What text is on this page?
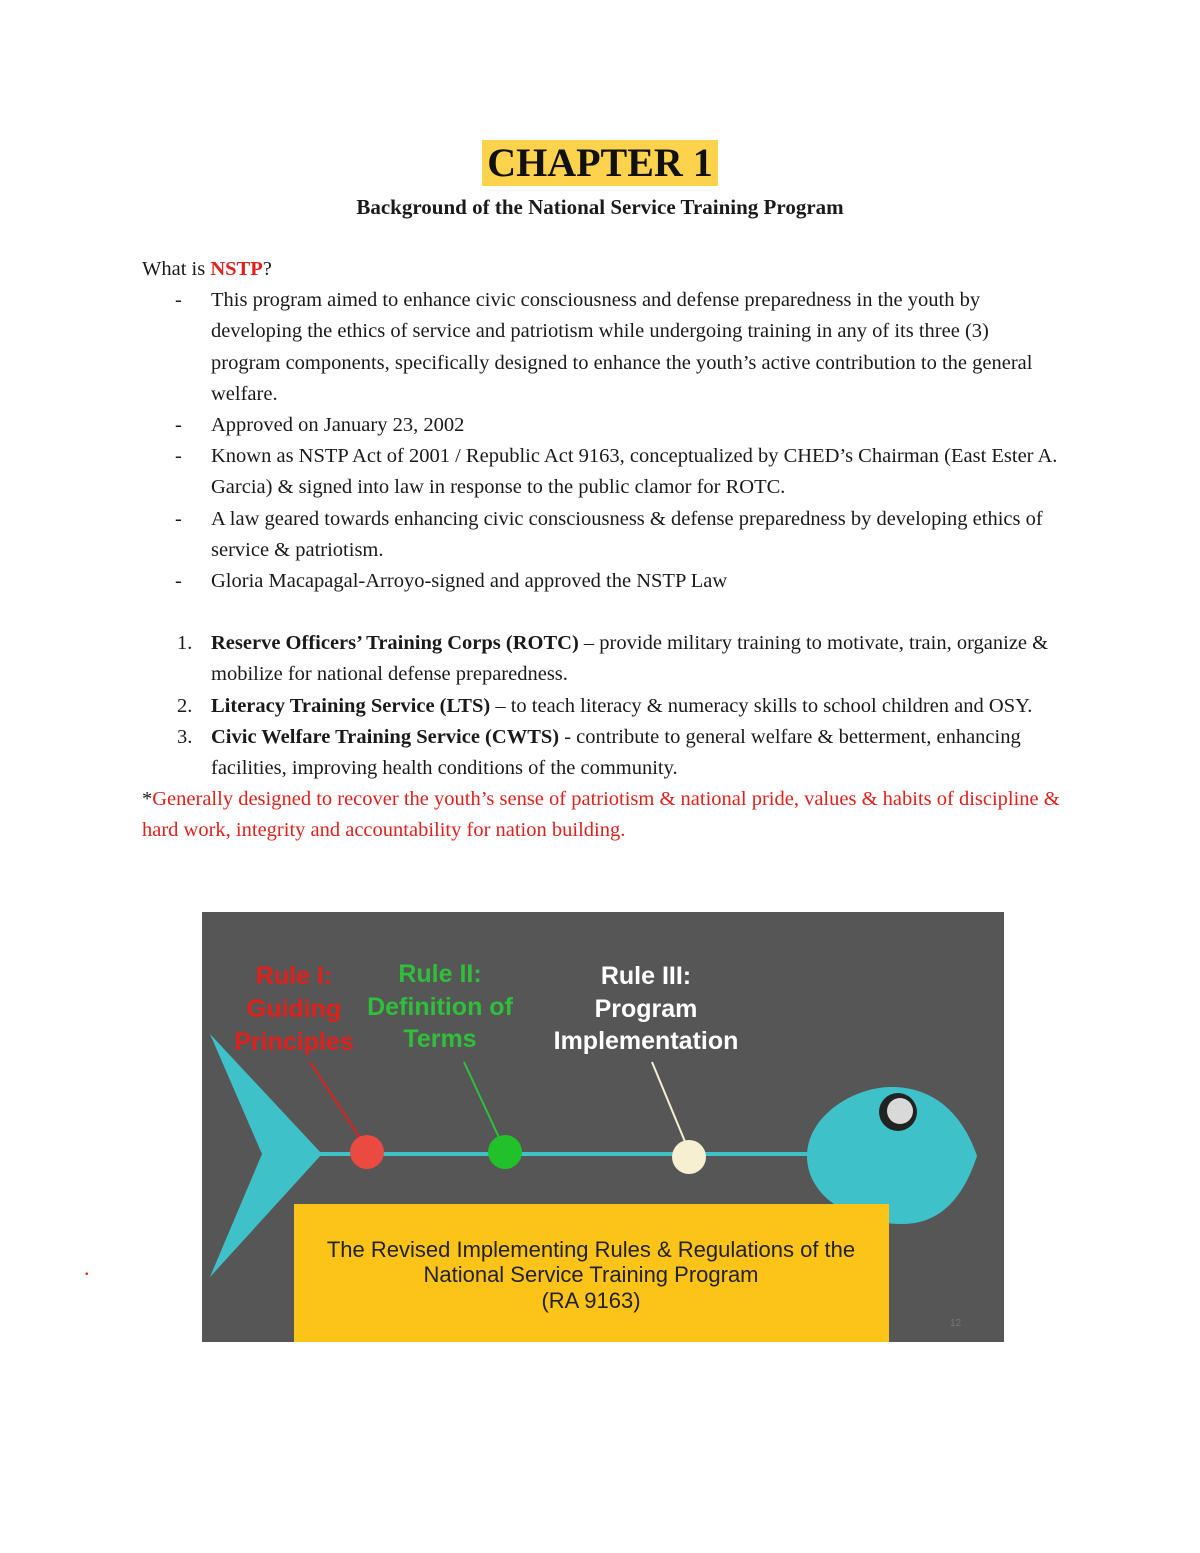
CHAPTER 1
Background of the National Service Training Program
What is NSTP?
- This program aimed to enhance civic consciousness and defense preparedness in the youth by developing the ethics of service and patriotism while undergoing training in any of its three (3) program components, specifically designed to enhance the youth’s active contribution to the general welfare.
- Approved on January 23, 2002
- Known as NSTP Act of 2001 / Republic Act 9163, conceptualized by CHED’s Chairman (East Ester A. Garcia) & signed into law in response to the public clamor for ROTC.
- A law geared towards enhancing civic consciousness & defense preparedness by developing ethics of service & patriotism.
- Gloria Macapagal-Arroyo-signed and approved the NSTP Law
1. Reserve Officers’ Training Corps (ROTC) – provide military training to motivate, train, organize & mobilize for national defense preparedness.
2. Literacy Training Service (LTS) – to teach literacy & numeracy skills to school children and OSY.
3. Civic Welfare Training Service (CWTS) - contribute to general welfare & betterment, enhancing facilities, improving health conditions of the community.
*Generally designed to recover the youth’s sense of patriotism & national pride, values & habits of discipline & hard work, integrity and accountability for nation building.
.
Rule I:
Guiding
Principles
Rule II:
Definition of
Terms
Rule III:
Program
Implementation
The Revised Implementing Rules & Regulations of the
National Service Training Program
(RA 9163)
12
